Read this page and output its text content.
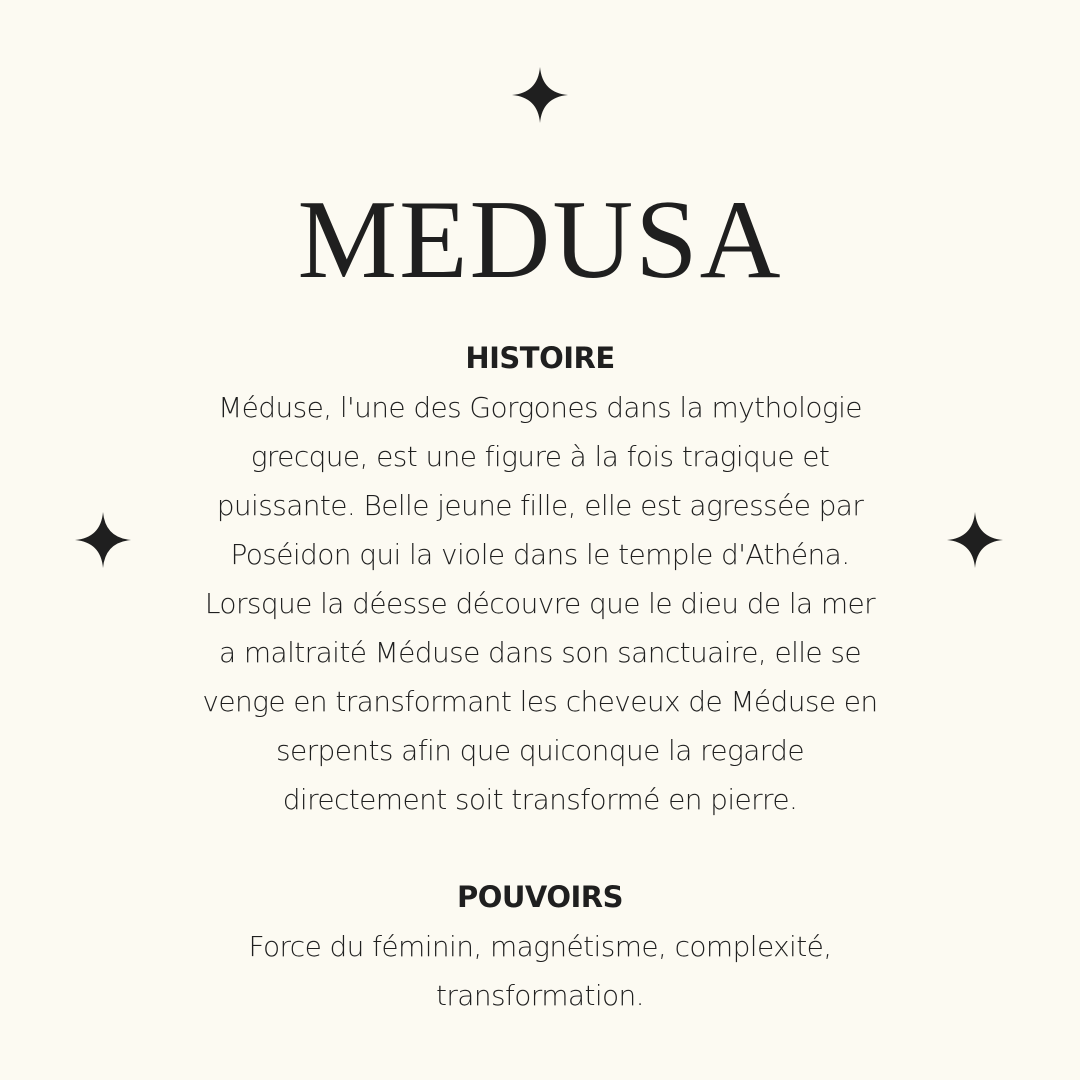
MEDUSA
HISTOIRE
Méduse, l'une des Gorgones dans la mythologie
grecque, est une figure à la fois tragique et
puissante. Belle jeune fille, elle est agressée par
Poséidon qui la viole dans le temple d'Athéna.
Lorsque la déesse découvre que le dieu de la mer
a maltraité Méduse dans son sanctuaire, elle se
venge en transformant les cheveux de Méduse en
serpents afin que quiconque la regarde
directement soit transformé en pierre.
POUVOIRS
Force du féminin, magnétisme, complexité,
transformation.
